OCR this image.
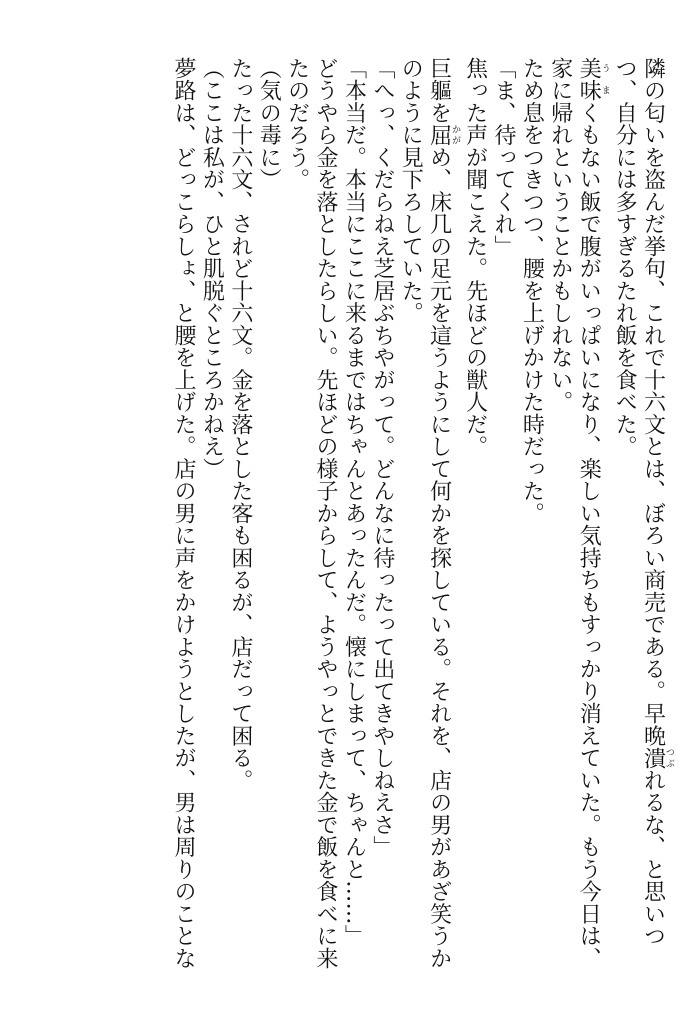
隣の匂いを盗んだ挙句、これで十六文とは、ぼろい商売である。早晩潰つぶれるな、と思いつ
つ、自分には多すぎるたれ飯を食べた。
美味うまくもない飯で腹がいっぱいになり、楽しい気持ちもすっかり消えていた。もう今日は、
家に帰れということかもしれない。
ため息をつきつつ、腰を上げかけた時だった。
「ま、待ってくれ」
焦った声が聞こえた。先ほどの獣人だ。
巨軀を屈かがめ、床几の足元を這うようにして何かを探している。それを、店の男があざ笑うか
のように見下ろしていた。
「へっ、くだらねえ芝居ぶちやがって。どんなに待ったって出てきやしねえさ」
「本当だ。本当にここに来るまではちゃんとあったんだ。懐にしまって、ちゃんと……」
どうやら金を落としたらしい。先ほどの様子からして、ようやっとできた金で飯を食べに来
たのだろう。
（気の毒に）
たった十六文、されど十六文。金を落とした客も困るが、店だって困る。
（ここは私が、ひと肌脱ぐところかねえ）
夢路は、どっこらしょ、と腰を上げた。店の男に声をかけようとしたが、男は周りのことな
